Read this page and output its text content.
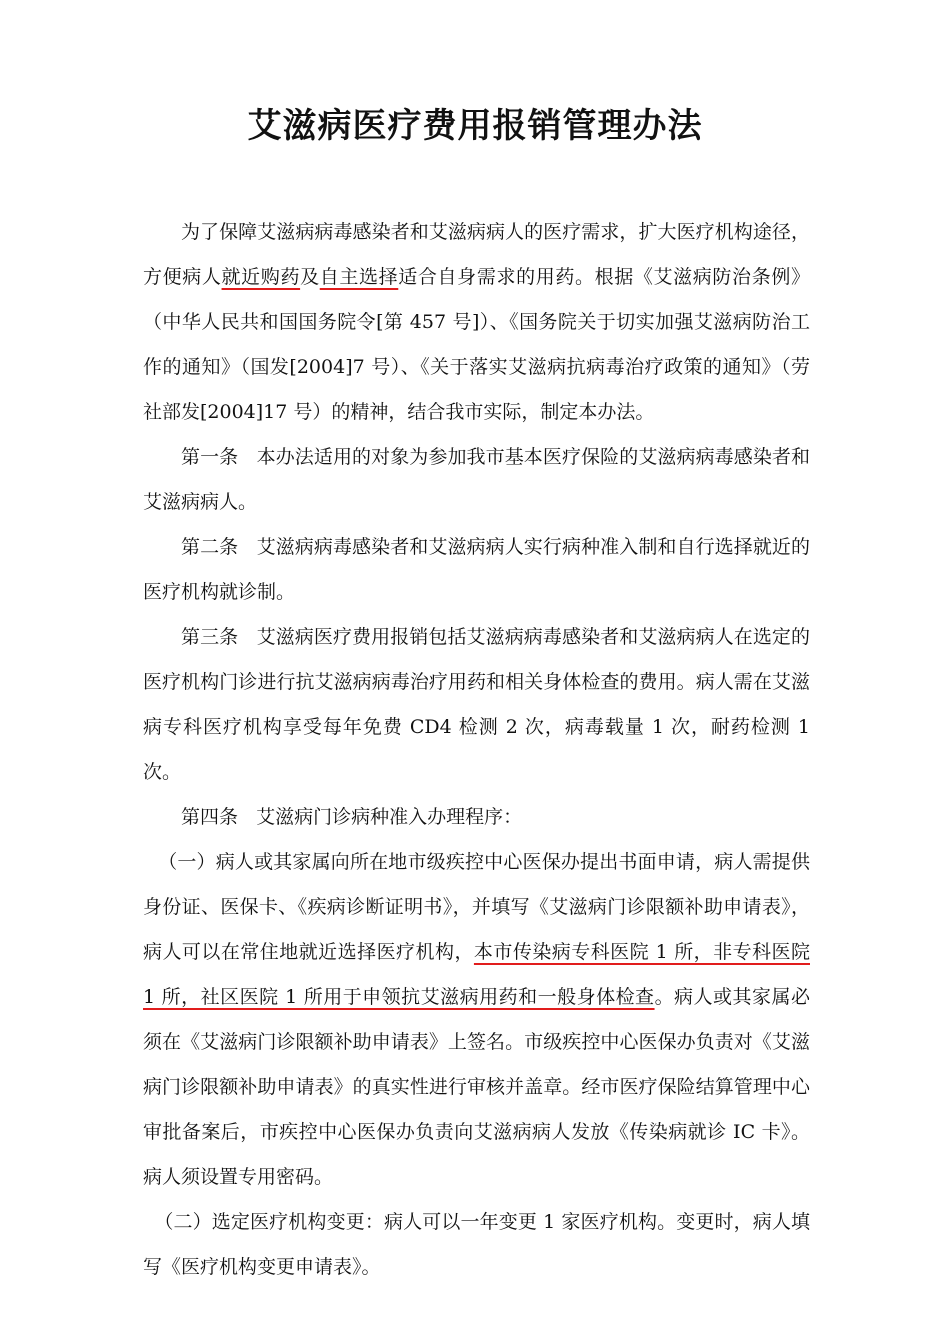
艾滋病医疗费用报销管理办法

为了保障艾滋病病毒感染者和艾滋病病人的医疗需求，扩大医疗机构途径，方便病人就近购药及自主选择适合自身需求的用药。根据《艾滋病防治条例》（中华人民共和国国务院令[第 457 号]）、《国务院关于切实加强艾滋病防治工作的通知》（国发[2004]7 号）、《关于落实艾滋病抗病毒治疗政策的通知》（劳社部发[2004]17 号）的精神，结合我市实际，制定本办法。

第一条 本办法适用的对象为参加我市基本医疗保险的艾滋病病毒感染者和艾滋病病人。

第二条 艾滋病病毒感染者和艾滋病病人实行病种准入制和自行选择就近的医疗机构就诊制。

第三条 艾滋病医疗费用报销包括艾滋病病毒感染者和艾滋病病人在选定的医疗机构门诊进行抗艾滋病病毒治疗用药和相关身体检查的费用。病人需在艾滋病专科医疗机构享受每年免费 CD4 检测 2 次，病毒载量 1 次，耐药检测 1 次。

第四条 艾滋病门诊病种准入办理程序：

（一）病人或其家属向所在地市级疾控中心医保办提出书面申请，病人需提供身份证、医保卡、《疾病诊断证明书》，并填写《艾滋病门诊限额补助申请表》，病人可以在常住地就近选择医疗机构，本市传染病专科医院 1 所，非专科医院 1 所，社区医院 1 所用于申领抗艾滋病用药和一般身体检查。病人或其家属必须在《艾滋病门诊限额补助申请表》上签名。市级疾控中心医保办负责对《艾滋病门诊限额补助申请表》的真实性进行审核并盖章。经市医疗保险结算管理中心审批备案后，市疾控中心医保办负责向艾滋病病人发放《传染病就诊 IC 卡》。病人须设置专用密码。

（二）选定医疗机构变更：病人可以一年变更 1 家医疗机构。变更时，病人填写《医疗机构变更申请表》。
